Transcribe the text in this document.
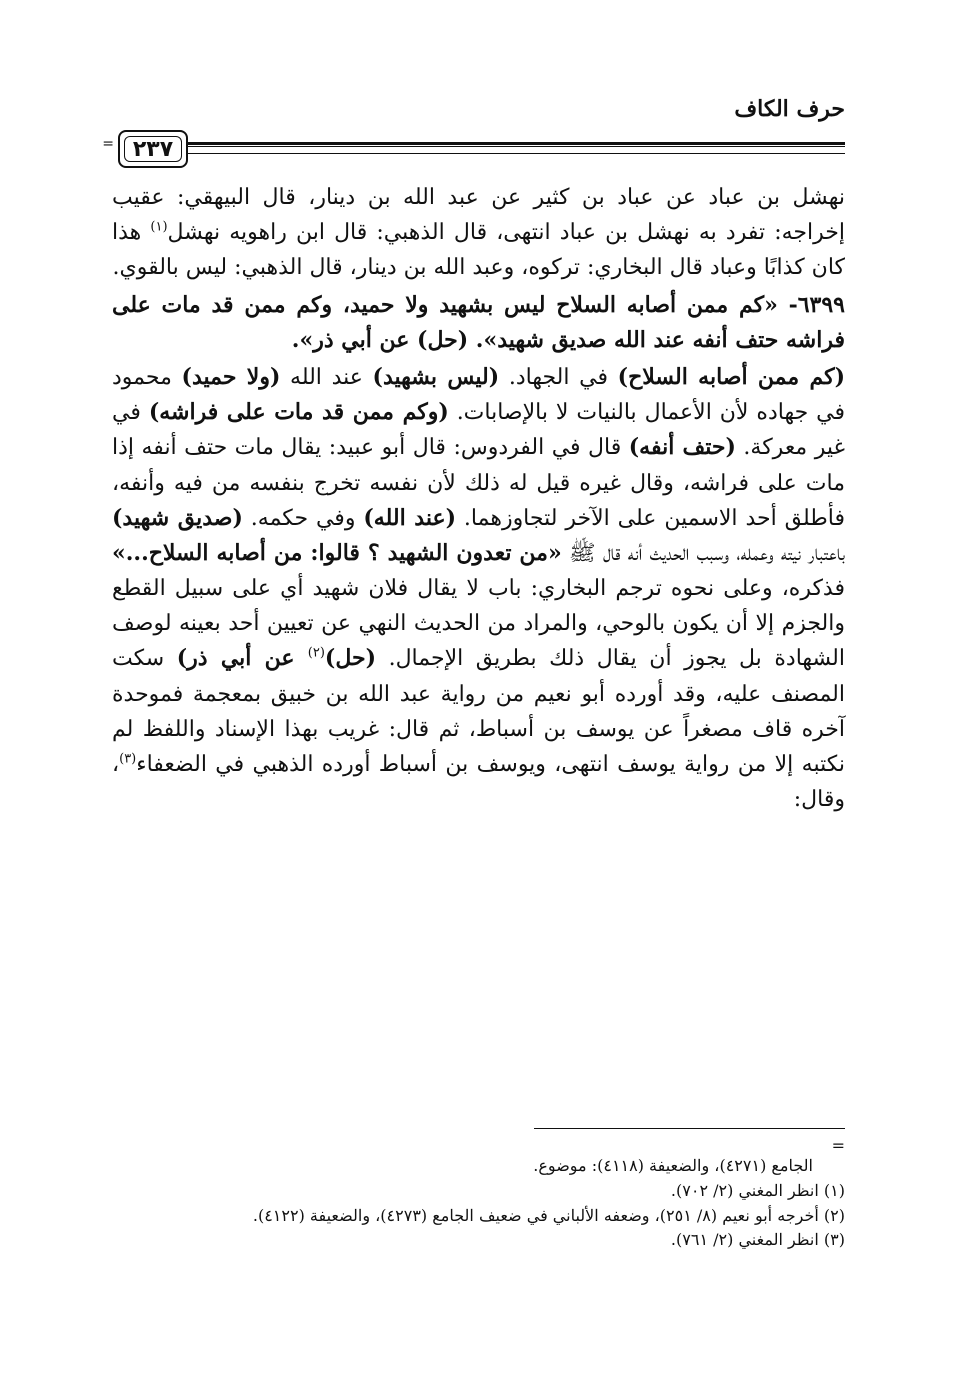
حرف الكاف
= ٢٣٧

نهشل بن عباد عن عباد بن كثير عن عبد الله بن دينار، قال البيهقي: عقيب إخراجه: تفرد به نهشل بن عباد انتهى، قال الذهبي: قال ابن راهويه نهشل$^{(١)}$ هذا كان كذابًا وعباد قال البخاري: تركوه، وعبد الله بن دينار، قال الذهبي: ليس بالقوي.

٦٣٩٩- «كم ممن أصابه السلاح ليس بشهيد ولا حميد، وكم ممن قد مات على فراشه حتف أنفه عند الله صديق شهيد». (حل) عن أبي ذر».

(كم ممن أصابه السلاح) في الجهاد. (ليس بشهيد) عند الله (ولا حميد) محمود في جهاده لأن الأعمال بالنيات لا بالإصابات. (وكم ممن قد مات على فراشه) في غير معركة. (حتف أنفه) قال في الفردوس: قال أبو عبيد: يقال مات حتف أنفه إذا مات على فراشه، وقال غيره قيل له ذلك لأن نفسه تخرج بنفسه من فيه وأنفه، فأطلق أحد الاسمين على الآخر لتجاوزهما. (عند الله) وفي حكمه. (صديق شهيد) باعتبار نيته وعمله، وسبب الحديث أنه قال ﷺ «من تعدون الشهيد ؟ قالوا: من أصابه السلاح...» فذكره، وعلى نحوه ترجم البخاري: باب لا يقال فلان شهيد أي على سبيل القطع والجزم إلا أن يكون بالوحي، والمراد من الحديث النهي عن تعيين أحد بعينه لوصف الشهادة بل يجوز أن يقال ذلك بطريق الإجمال. (حل)$^{(٢)}$ عن أبي ذر) سكت المصنف عليه، وقد أورده أبو نعيم من رواية عبد الله بن خبيق بمعجمة فموحدة آخره قاف مصغراً عن يوسف بن أسباط، ثم قال: غريب بهذا الإسناد واللفظ لم نكتبه إلا من رواية يوسف انتهى، ويوسف بن أسباط أورده الذهبي في الضعفاء$^{(٣)}$، وقال:

=

الجامع (٤٢٧١)، والضعيفة (٤١١٨): موضوع.

(١) انظر المغني (٢/ ٧٠٢).

(٢) أخرجه أبو نعيم (٨/ ٢٥١)، وضعفه الألباني في ضعيف الجامع (٤٢٧٣)، والضعيفة (٤١٢٢).

(٣) انظر المغني (٢/ ٧٦١).
